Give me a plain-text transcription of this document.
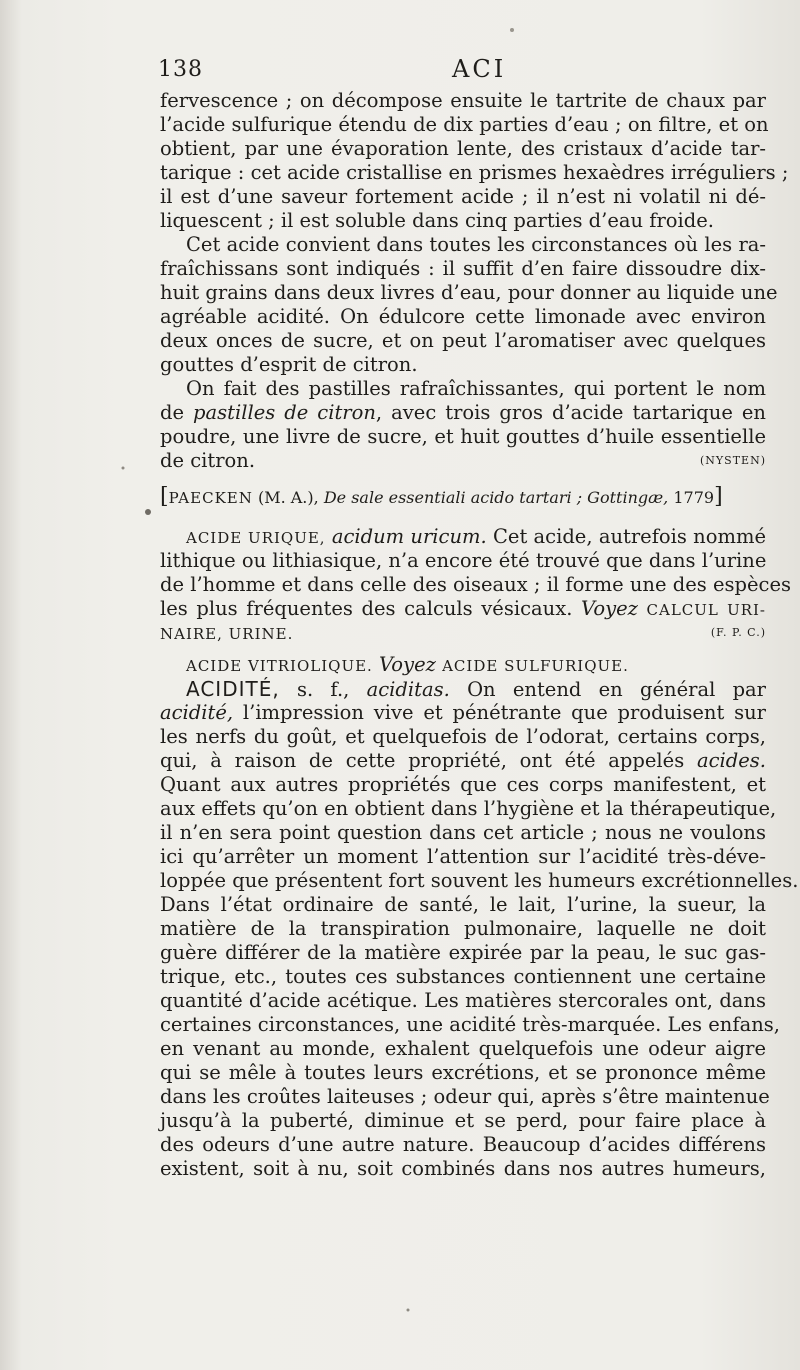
138	ACI
fervescence ; on décompose ensuite le tartrite de chaux par
l’acide sulfurique étendu de dix parties d’eau ; on filtre, et on
obtient, par une évaporation lente, des cristaux d’acide tar-
tarique : cet acide cristallise en prismes hexaèdres irréguliers ;
il est d’une saveur fortement acide ; il n’est ni volatil ni dé-
liquescent ; il est soluble dans cinq parties d’eau froide.
Cet acide convient dans toutes les circonstances où les ra-
fraîchissans sont indiqués : il suffit d’en faire dissoudre dix-
huit grains dans deux livres d’eau, pour donner au liquide une
agréable acidité. On édulcore cette limonade avec environ
deux onces de sucre, et on peut l’aromatiser avec quelques
gouttes d’esprit de citron.
On fait des pastilles rafraîchissantes, qui portent le nom
de pastilles de citron, avec trois gros d’acide tartarique en
poudre, une livre de sucre, et huit gouttes d’huile essentielle
de citron.	(NYSTEN)
[PAECKEN (M. A.), De sale essentiali acido tartari ; Gottingæ, 1779]
ACIDE URIQUE, acidum uricum. Cet acide, autrefois nommé
lithique ou lithiasique, n’a encore été trouvé que dans l’urine
de l’homme et dans celle des oiseaux ; il forme une des espèces
les plus fréquentes des calculs vésicaux. Voyez CALCUL URI-
NAIRE, URINE.	(F. P. C.)
ACIDE VITRIOLIQUE. Voyez ACIDE SULFURIQUE.
ACIDITÉ, s. f., aciditas. On entend en général par
acidité, l’impression vive et pénétrante que produisent sur
les nerfs du goût, et quelquefois de l’odorat, certains corps,
qui, à raison de cette propriété, ont été appelés acides.
Quant aux autres propriétés que ces corps manifestent, et
aux effets qu’on en obtient dans l’hygiène et la thérapeutique,
il n’en sera point question dans cet article ; nous ne voulons
ici qu’arrêter un moment l’attention sur l’acidité très-déve-
loppée que présentent fort souvent les humeurs excrétionnelles.
Dans l’état ordinaire de santé, le lait, l’urine, la sueur, la
matière de la transpiration pulmonaire, laquelle ne doit
guère différer de la matière expirée par la peau, le suc gas-
trique, etc., toutes ces substances contiennent une certaine
quantité d’acide acétique. Les matières stercorales ont, dans
certaines circonstances, une acidité très-marquée. Les enfans,
en venant au monde, exhalent quelquefois une odeur aigre
qui se mêle à toutes leurs excrétions, et se prononce même
dans les croûtes laiteuses ; odeur qui, après s’être maintenue
jusqu’à la puberté, diminue et se perd, pour faire place à
des odeurs d’une autre nature. Beaucoup d’acides différens
existent, soit à nu, soit combinés dans nos autres humeurs,
